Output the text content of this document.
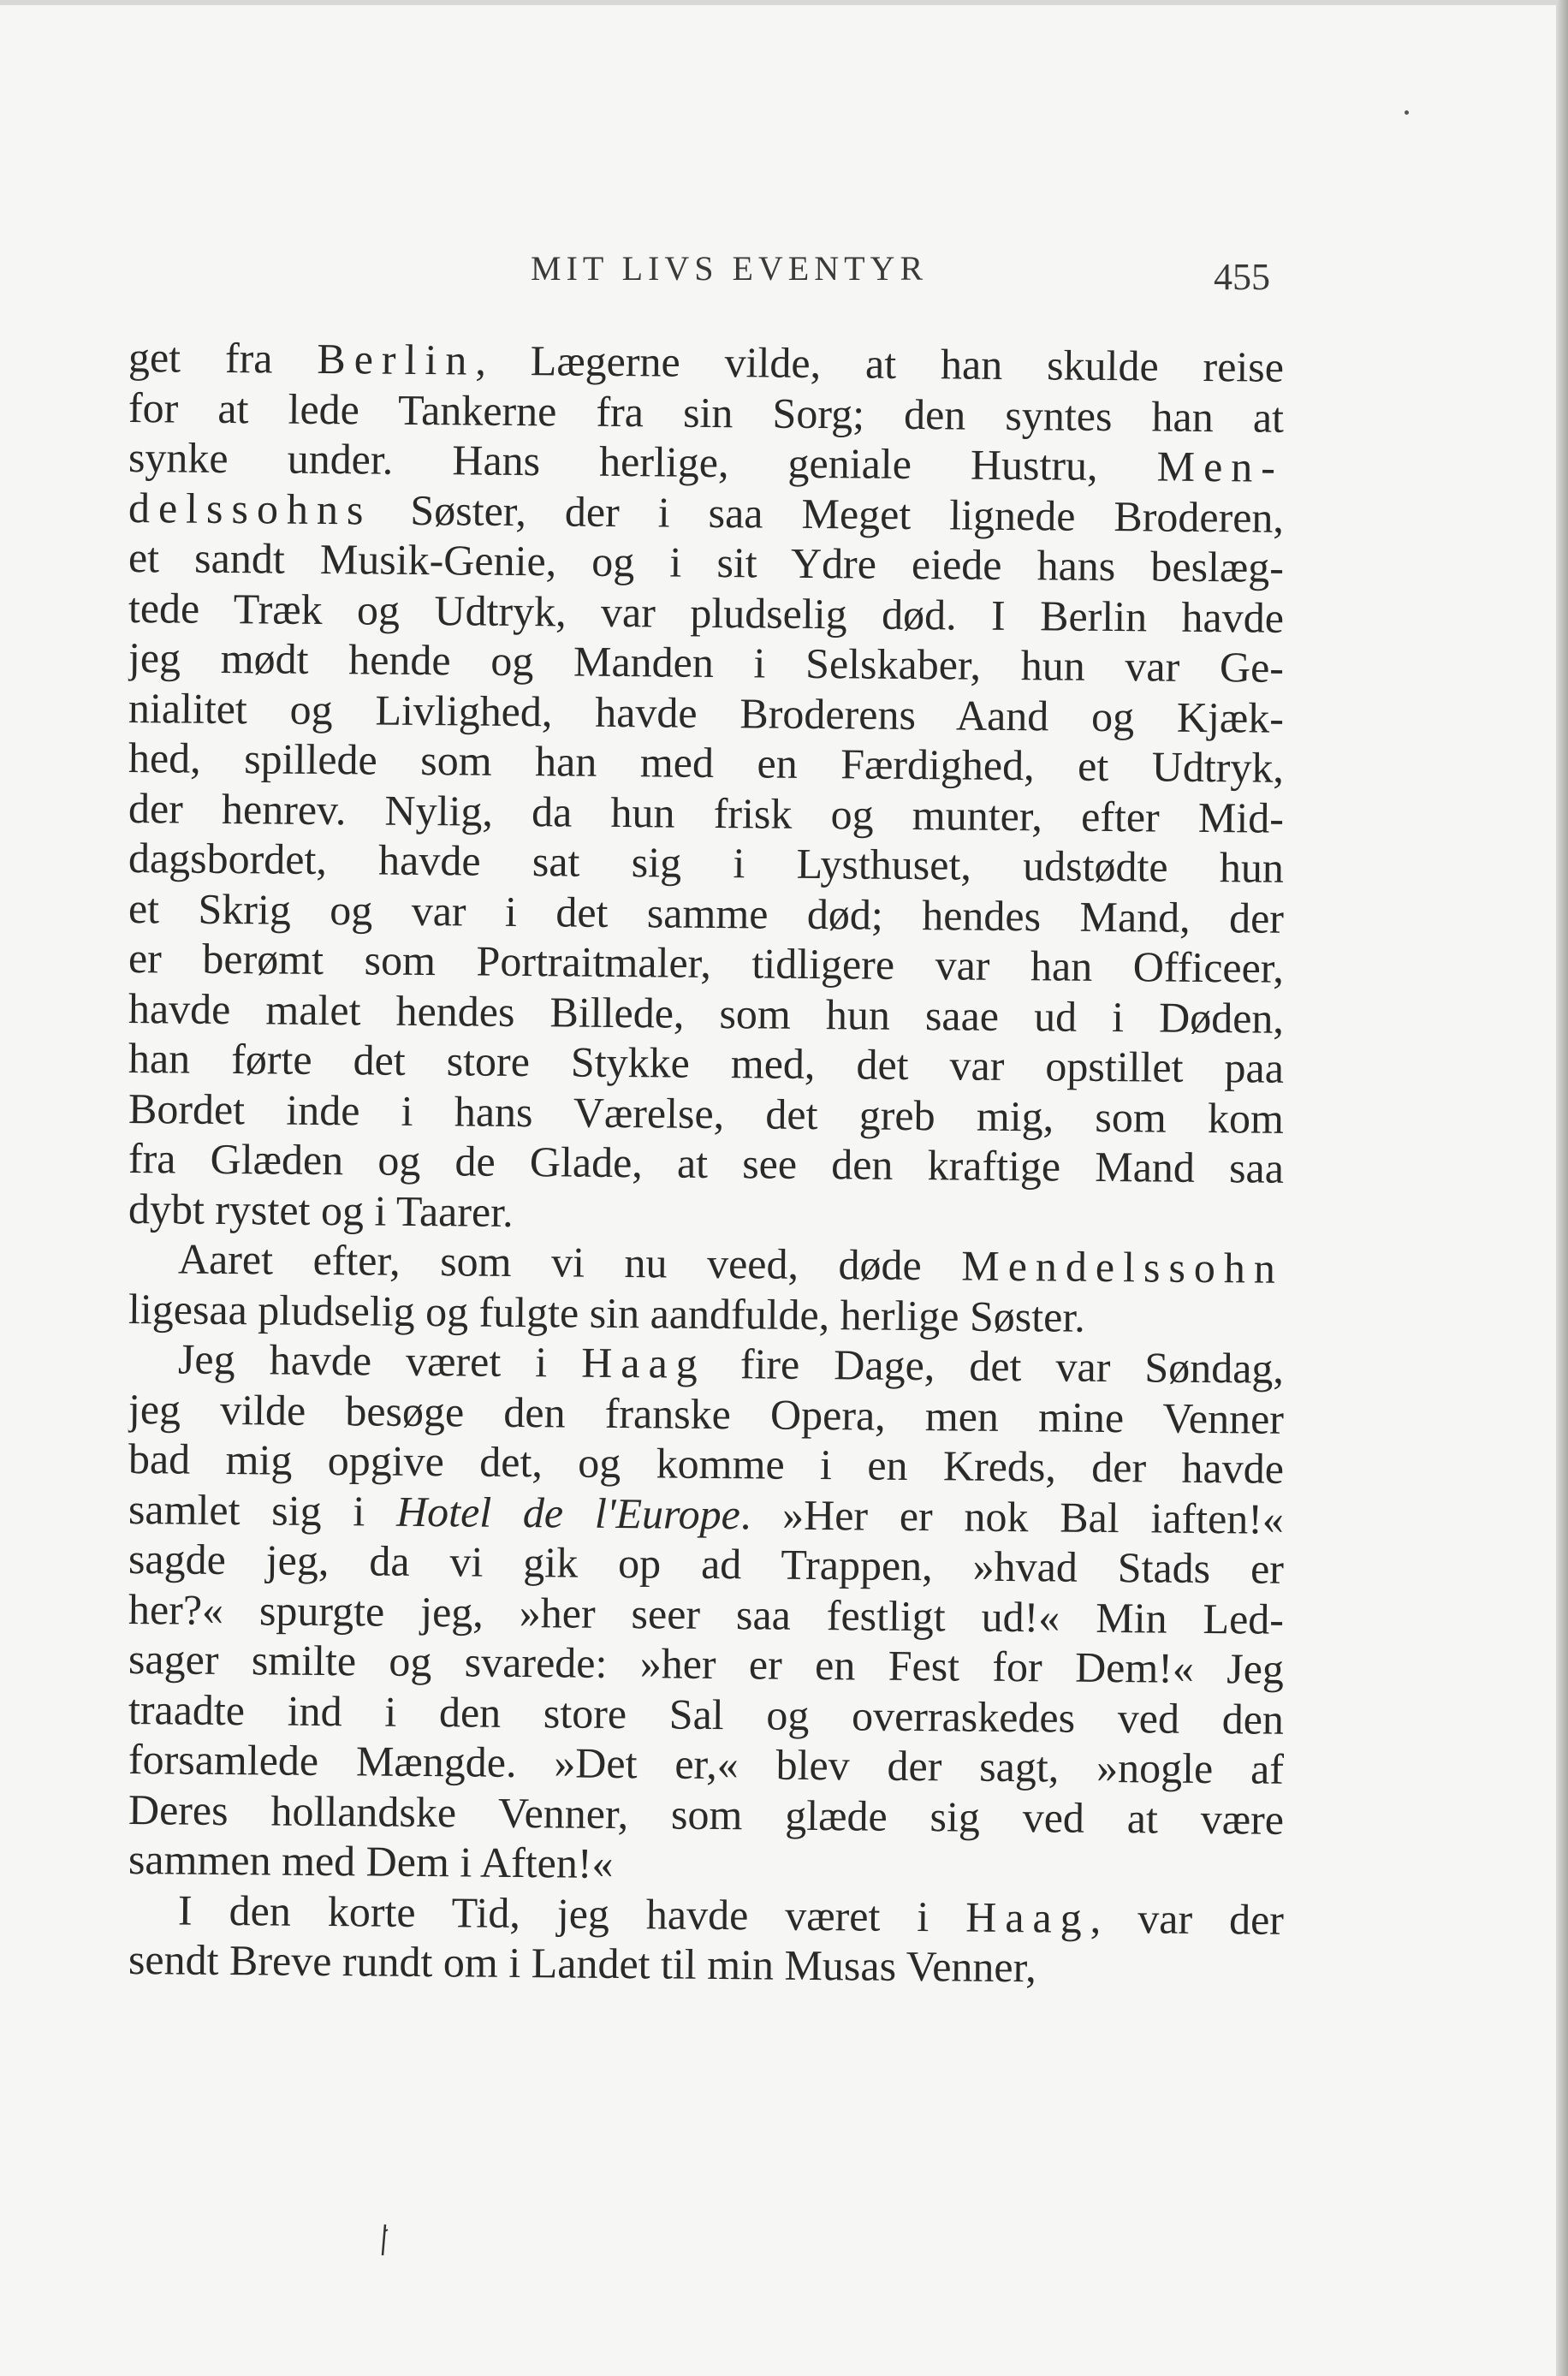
MIT LIVS EVENTYR	455
get fra Berlin, Lægerne vilde, at han skulde reise
for at lede Tankerne fra sin Sorg; den syntes han at
synke under. Hans herlige, geniale Hustru, Men-
delssohns Søster, der i saa Meget lignede Broderen,
et sandt Musik-Genie, og i sit Ydre eiede hans beslæg-
tede Træk og Udtryk, var pludselig død. I Berlin havde
jeg mødt hende og Manden i Selskaber, hun var Ge-
nialitet og Livlighed, havde Broderens Aand og Kjæk-
hed, spillede som han med en Færdighed, et Udtryk,
der henrev. Nylig, da hun frisk og munter, efter Mid-
dagsbordet, havde sat sig i Lysthuset, udstødte hun
et Skrig og var i det samme død; hendes Mand, der
er berømt som Portraitmaler, tidligere var han Officeer,
havde malet hendes Billede, som hun saae ud i Døden,
han førte det store Stykke med, det var opstillet paa
Bordet inde i hans Værelse, det greb mig, som kom
fra Glæden og de Glade, at see den kraftige Mand saa
dybt rystet og i Taarer.
Aaret efter, som vi nu veed, døde Mendelssohn
ligesaa pludselig og fulgte sin aandfulde, herlige Søster.
Jeg havde været i Haag fire Dage, det var Søndag,
jeg vilde besøge den franske Opera, men mine Venner
bad mig opgive det, og komme i en Kreds, der havde
samlet sig i Hotel de l'Europe. »Her er nok Bal iaften!«
sagde jeg, da vi gik op ad Trappen, »hvad Stads er
her?« spurgte jeg, »her seer saa festligt ud!« Min Led-
sager smilte og svarede: »her er en Fest for Dem!« Jeg
traadte ind i den store Sal og overraskedes ved den
forsamlede Mængde. »Det er,« blev der sagt, »nogle af
Deres hollandske Venner, som glæde sig ved at være
sammen med Dem i Aften!«
I den korte Tid, jeg havde været i Haag, var der
sendt Breve rundt om i Landet til min Musas Venner,
